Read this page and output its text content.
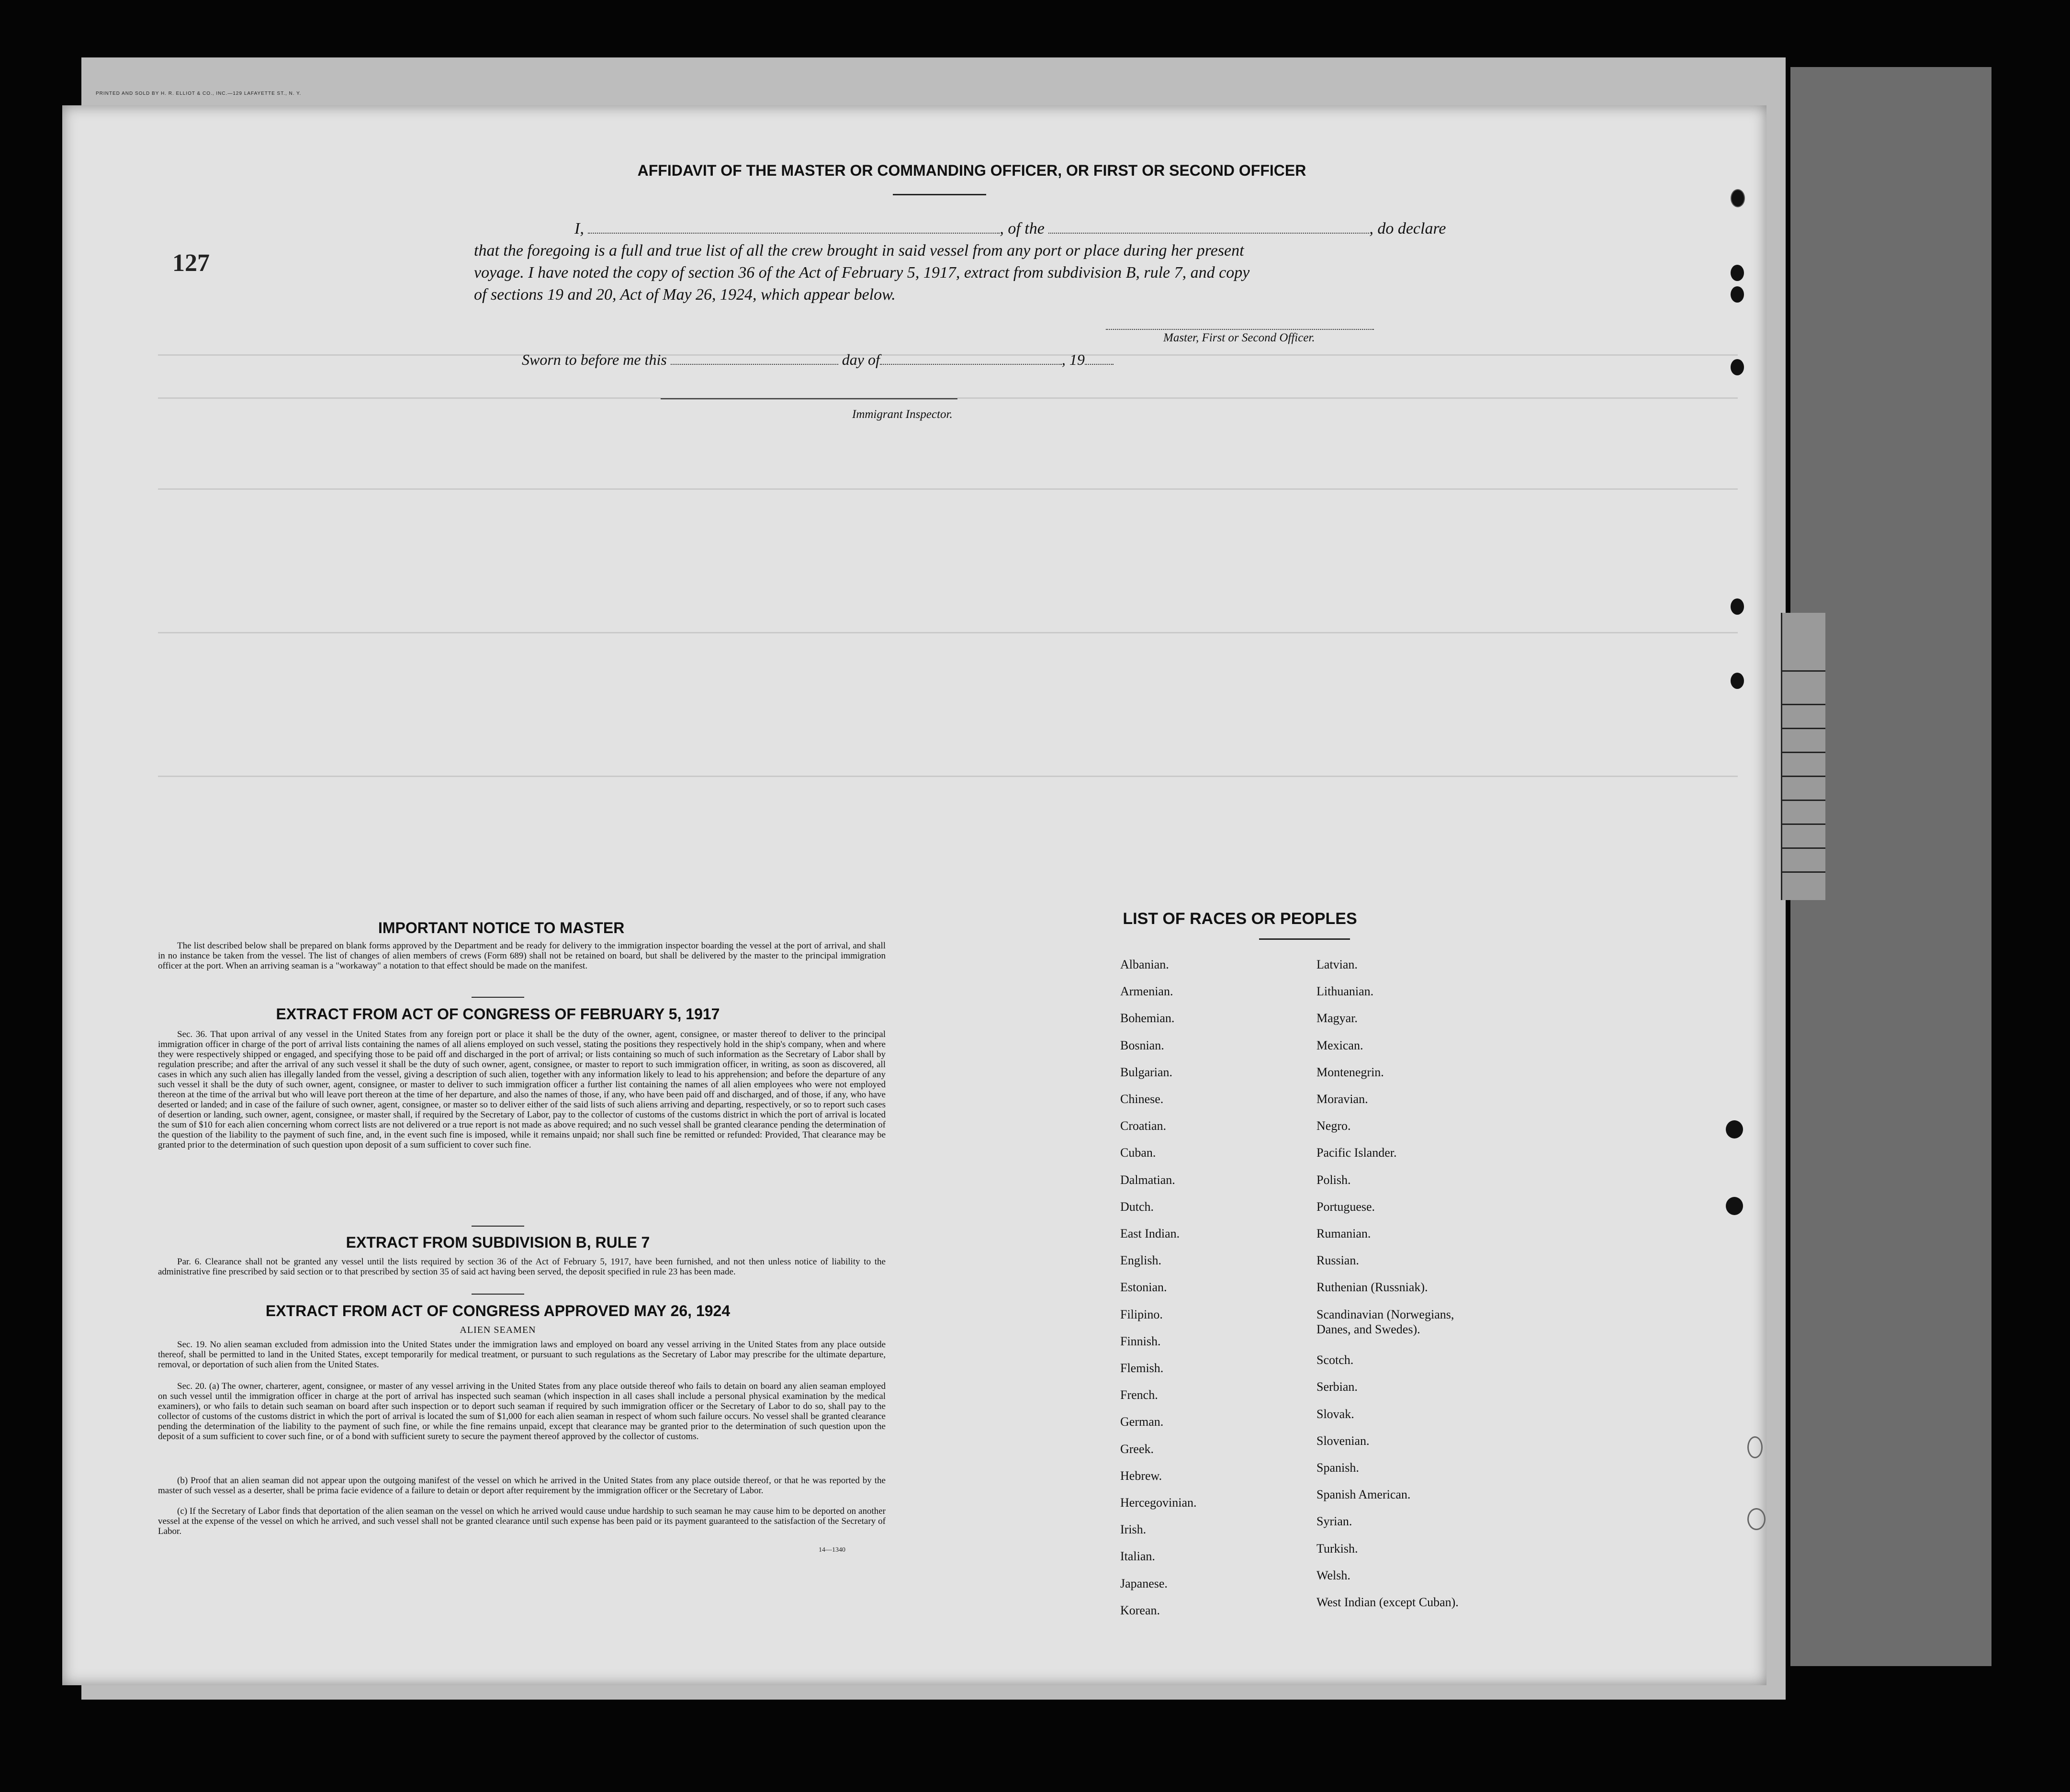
PRINTED AND SOLD BY H. R. ELLIOT & CO., INC.—129 LAFAYETTE ST., N. Y.
127
AFFIDAVIT OF THE MASTER OR COMMANDING OFFICER, OR FIRST OR SECOND OFFICER
I,	, of the	, do declare
that the foregoing is a full and true list of all the crew brought in said vessel from any port or place during her present
voyage. I have noted the copy of section 36 of the Act of February 5, 1917, extract from subdivision B, rule 7, and copy
of sections 19 and 20, Act of May 26, 1924, which appear below.
Master, First or Second Officer.
Sworn to before me this	day of	, 19
Immigrant Inspector.
IMPORTANT NOTICE TO MASTER
The list described below shall be prepared on blank forms approved by the Department and be ready for delivery to the immigration inspector boarding the vessel at the port of arrival, and shall in no instance be taken from the vessel. The list of changes of alien members of crews (Form 689) shall not be retained on board, but shall be delivered by the master to the principal immigration officer at the port. When an arriving seaman is a "workaway" a notation to that effect should be made on the manifest.
EXTRACT FROM ACT OF CONGRESS OF FEBRUARY 5, 1917
Sec. 36. That upon arrival of any vessel in the United States from any foreign port or place it shall be the duty of the owner, agent, consignee, or master thereof to deliver to the principal immigration officer in charge of the port of arrival lists containing the names of all aliens employed on such vessel, stating the positions they respectively hold in the ship's company, when and where they were respectively shipped or engaged, and specifying those to be paid off and discharged in the port of arrival; or lists containing so much of such information as the Secretary of Labor shall by regulation prescribe; and after the arrival of any such vessel it shall be the duty of such owner, agent, consignee, or master to report to such immigration officer, in writing, as soon as discovered, all cases in which any such alien has illegally landed from the vessel, giving a description of such alien, together with any information likely to lead to his apprehension; and before the departure of any such vessel it shall be the duty of such owner, agent, consignee, or master to deliver to such immigration officer a further list containing the names of all alien employees who were not employed thereon at the time of the arrival but who will leave port thereon at the time of her departure, and also the names of those, if any, who have been paid off and discharged, and of those, if any, who have deserted or landed; and in case of the failure of such owner, agent, consignee, or master so to deliver either of the said lists of such aliens arriving and departing, respectively, or so to report such cases of desertion or landing, such owner, agent, consignee, or master shall, if required by the Secretary of Labor, pay to the collector of customs of the customs district in which the port of arrival is located the sum of $10 for each alien concerning whom correct lists are not delivered or a true report is not made as above required; and no such vessel shall be granted clearance pending the determination of the question of the liability to the payment of such fine, and, in the event such fine is imposed, while it remains unpaid; nor shall such fine be remitted or refunded: Provided, That clearance may be granted prior to the determination of such question upon deposit of a sum sufficient to cover such fine.
EXTRACT FROM SUBDIVISION B, RULE 7
Par. 6. Clearance shall not be granted any vessel until the lists required by section 36 of the Act of February 5, 1917, have been furnished, and not then unless notice of liability to the administrative fine prescribed by said section or to that prescribed by section 35 of said act having been served, the deposit specified in rule 23 has been made.
EXTRACT FROM ACT OF CONGRESS APPROVED MAY 26, 1924
ALIEN SEAMEN
Sec. 19. No alien seaman excluded from admission into the United States under the immigration laws and employed on board any vessel arriving in the United States from any place outside thereof, shall be permitted to land in the United States, except temporarily for medical treatment, or pursuant to such regulations as the Secretary of Labor may prescribe for the ultimate departure, removal, or deportation of such alien from the United States.
Sec. 20. (a) The owner, charterer, agent, consignee, or master of any vessel arriving in the United States from any place outside thereof who fails to detain on board any alien seaman employed on such vessel until the immigration officer in charge at the port of arrival has inspected such seaman (which inspection in all cases shall include a personal physical examination by the medical examiners), or who fails to detain such seaman on board after such inspection or to deport such seaman if required by such immigration officer or the Secretary of Labor to do so, shall pay to the collector of customs of the customs district in which the port of arrival is located the sum of $1,000 for each alien seaman in respect of whom such failure occurs. No vessel shall be granted clearance pending the determination of the liability to the payment of such fine, or while the fine remains unpaid, except that clearance may be granted prior to the determination of such question upon the deposit of a sum sufficient to cover such fine, or of a bond with sufficient surety to secure the payment thereof approved by the collector of customs.
(b) Proof that an alien seaman did not appear upon the outgoing manifest of the vessel on which he arrived in the United States from any place outside thereof, or that he was reported by the master of such vessel as a deserter, shall be prima facie evidence of a failure to detain or deport after requirement by the immigration officer or the Secretary of Labor.
(c) If the Secretary of Labor finds that deportation of the alien seaman on the vessel on which he arrived would cause undue hardship to such seaman he may cause him to be deported on another vessel at the expense of the vessel on which he arrived, and such vessel shall not be granted clearance until such expense has been paid or its payment guaranteed to the satisfaction of the Secretary of Labor.
14—1340
LIST OF RACES OR PEOPLES
Albanian.
Armenian.
Bohemian.
Bosnian.
Bulgarian.
Chinese.
Croatian.
Cuban.
Dalmatian.
Dutch.
East Indian.
English.
Estonian.
Filipino.
Finnish.
Flemish.
French.
German.
Greek.
Hebrew.
Hercegovinian.
Irish.
Italian.
Japanese.
Korean.
Latvian.
Lithuanian.
Magyar.
Mexican.
Montenegrin.
Moravian.
Negro.
Pacific Islander.
Polish.
Portuguese.
Rumanian.
Russian.
Ruthenian (Russniak).
Scandinavian (Norwegians,
Danes, and Swedes).
Scotch.
Serbian.
Slovak.
Slovenian.
Spanish.
Spanish American.
Syrian.
Turkish.
Welsh.
West Indian (except Cuban).
